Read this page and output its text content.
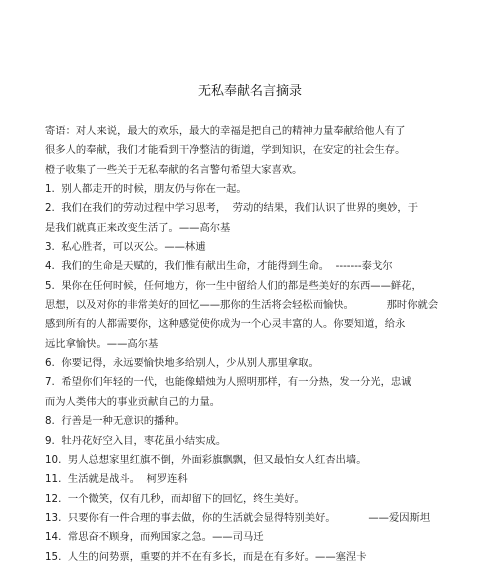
无私奉献名言摘录
寄语：对人来说，最大的欢乐，最大的幸福是把自己的精神力量奉献给他人有了
很多人的奉献，我们才能看到干净整洁的街道，学到知识，在安定的社会生存。
橙子收集了一些关于无私奉献的名言警句希望大家喜欢。
1.  别人都走开的时候，朋友仍与你在一起。
2.  我们在我们的劳动过程中学习思考，  劳动的结果，我们认识了世界的奥妙，于
是我们就真正来改变生活了。——高尔基
3.  私心胜者，可以灭公。——林逋
4.  我们的生命是天赋的，我们惟有献出生命，才能得到生命。  -------泰戈尔
5.  果你在任何时候，任何地方，你一生中留给人们的都是些美好的东西——鲜花，
思想，以及对你的非常美好的回忆——那你的生活将会轻松而愉快。          那时你就会
感到所有的人都需要你，这种感觉使你成为一个心灵丰富的人。你要知道，给永
远比拿愉快。——高尔基
6.  你要记得，永远要愉快地多给别人，少从别人那里拿取。
7.  希望你们年轻的一代，也能像蜡烛为人照明那样，有一分热，发一分光，忠诚
而为人类伟大的事业贡献自己的力量。
8.  行善是一种无意识的播种。
9.  牡丹花好空入目，枣花虽小结实成。
10.  男人总想家里红旗不倒，外面彩旗飘飘，但又最怕女人红杏出墙。
11.  生活就是战斗。  柯罗连科
12.  一个微笑，仅有几秒，而却留下的回忆，终生美好。
13.  只要你有一件合理的事去做，你的生活就会显得特别美好。          ——爱因斯坦
14.  常思奋不顾身，而殉国家之急。——司马迁
15.  人生的问势票，重要的并不在有多长，而是在有多好。——塞涅卡
